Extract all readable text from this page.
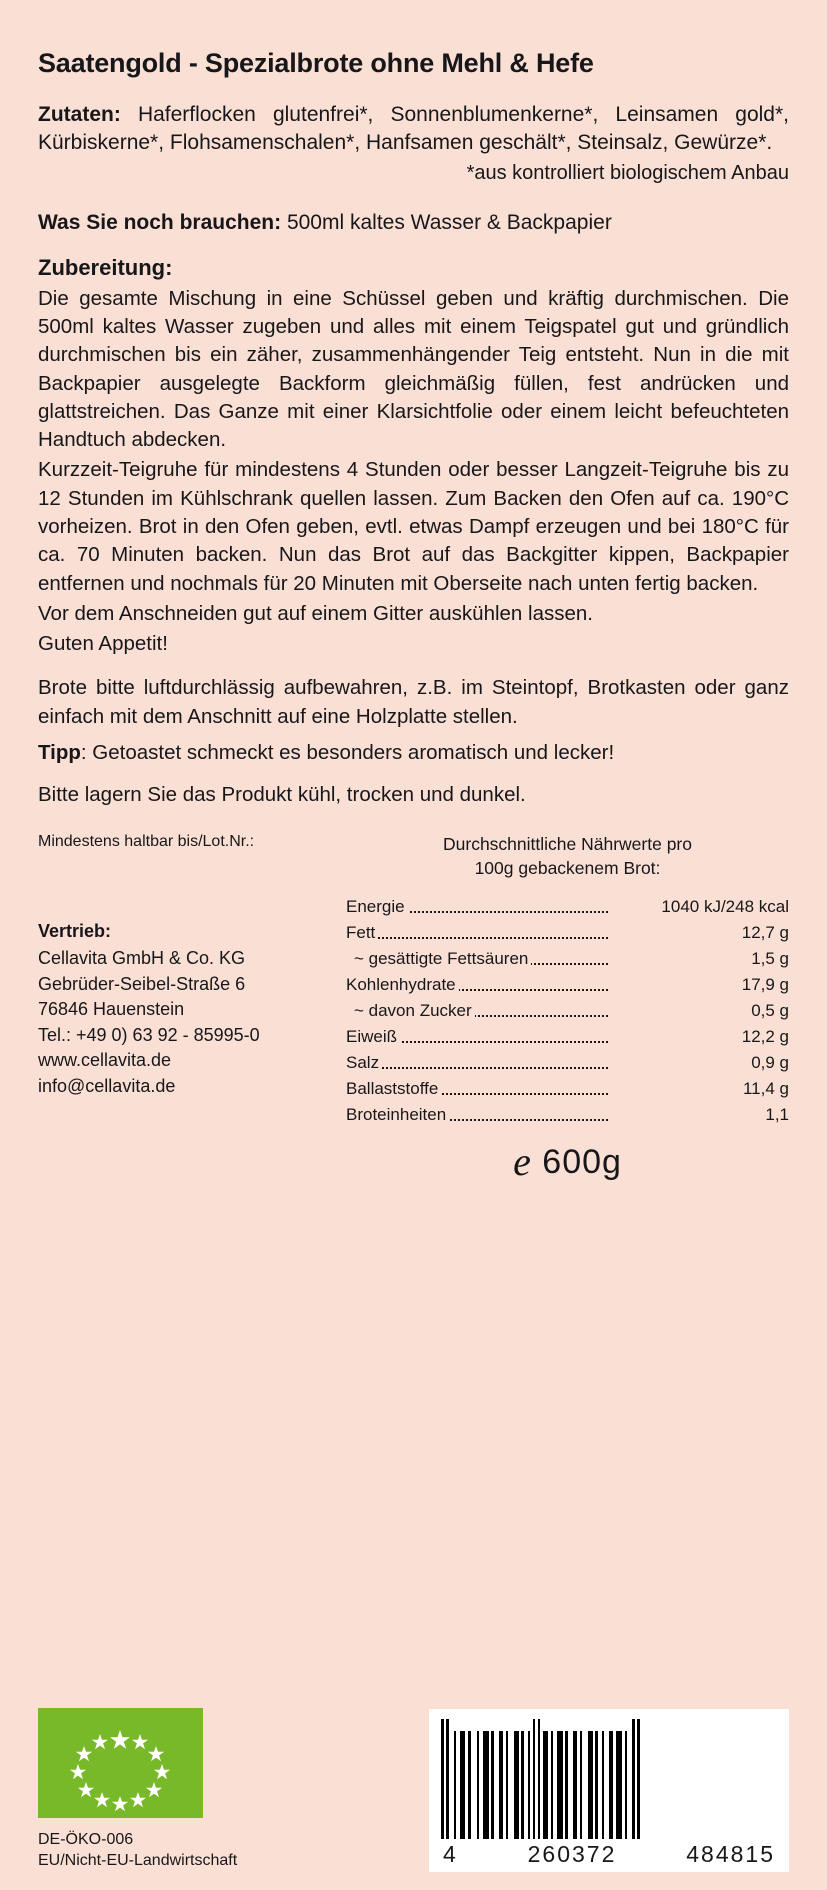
Saatengold - Spezialbrote ohne Mehl & Hefe
Zutaten: Haferflocken glutenfrei*, Sonnenblumenkerne*, Leinsamen gold*, Kürbiskerne*, Flohsamenschalen*, Hanfsamen geschält*, Steinsalz, Gewürze*.
*aus kontrolliert biologischem Anbau
Was Sie noch brauchen: 500ml kaltes Wasser & Backpapier
Zubereitung:
Die gesamte Mischung in eine Schüssel geben und kräftig durchmischen. Die 500ml kaltes Wasser zugeben und alles mit einem Teigspatel gut und gründlich durchmischen bis ein zäher, zusammenhängender Teig entsteht. Nun in die mit Backpapier ausgelegte Backform gleichmäßig füllen, fest andrücken und glattstreichen. Das Ganze mit einer Klarsichtfolie oder einem leicht befeuchteten Handtuch abdecken.
Kurzzeit-Teigruhe für mindestens 4 Stunden oder besser Langzeit-Teigruhe bis zu 12 Stunden im Kühlschrank quellen lassen. Zum Backen den Ofen auf ca. 190°C vorheizen. Brot in den Ofen geben, evtl. etwas Dampf erzeugen und bei 180°C für ca. 70 Minuten backen. Nun das Brot auf das Backgitter kippen, Backpapier entfernen und nochmals für 20 Minuten mit Oberseite nach unten fertig backen.
Vor dem Anschneiden gut auf einem Gitter auskühlen lassen.
Guten Appetit!
Brote bitte luftdurchlässig aufbewahren, z.B. im Steintopf, Brotkasten oder ganz einfach mit dem Anschnitt auf eine Holzplatte stellen.
Tipp: Getoastet schmeckt es besonders aromatisch und lecker!
Bitte lagern Sie das Produkt kühl, trocken und dunkel.
Mindestens haltbar bis/Lot.Nr.:
Vertrieb:
Cellavita GmbH & Co. KG
Gebrüder-Seibel-Straße 6
76846 Hauenstein
Tel.: +49 0) 63 92 - 85995-0
www.cellavita.de
info@cellavita.de
Durchschnittliche Nährwerte pro
100g gebackenem Brot:
Energie	1040 kJ/248 kcal

Fett	12,7 g

~ gesättigte Fettsäuren	1,5 g

Kohlenhydrate	17,9 g

~ davon Zucker	0,5 g

Eiweiß	12,2 g

Salz	0,9 g

Ballaststoffe	11,4 g

Broteinheiten	1,1
e 600g
DE-ÖKO-006
EU/Nicht-EU-Landwirtschaft	4	260372	484815
